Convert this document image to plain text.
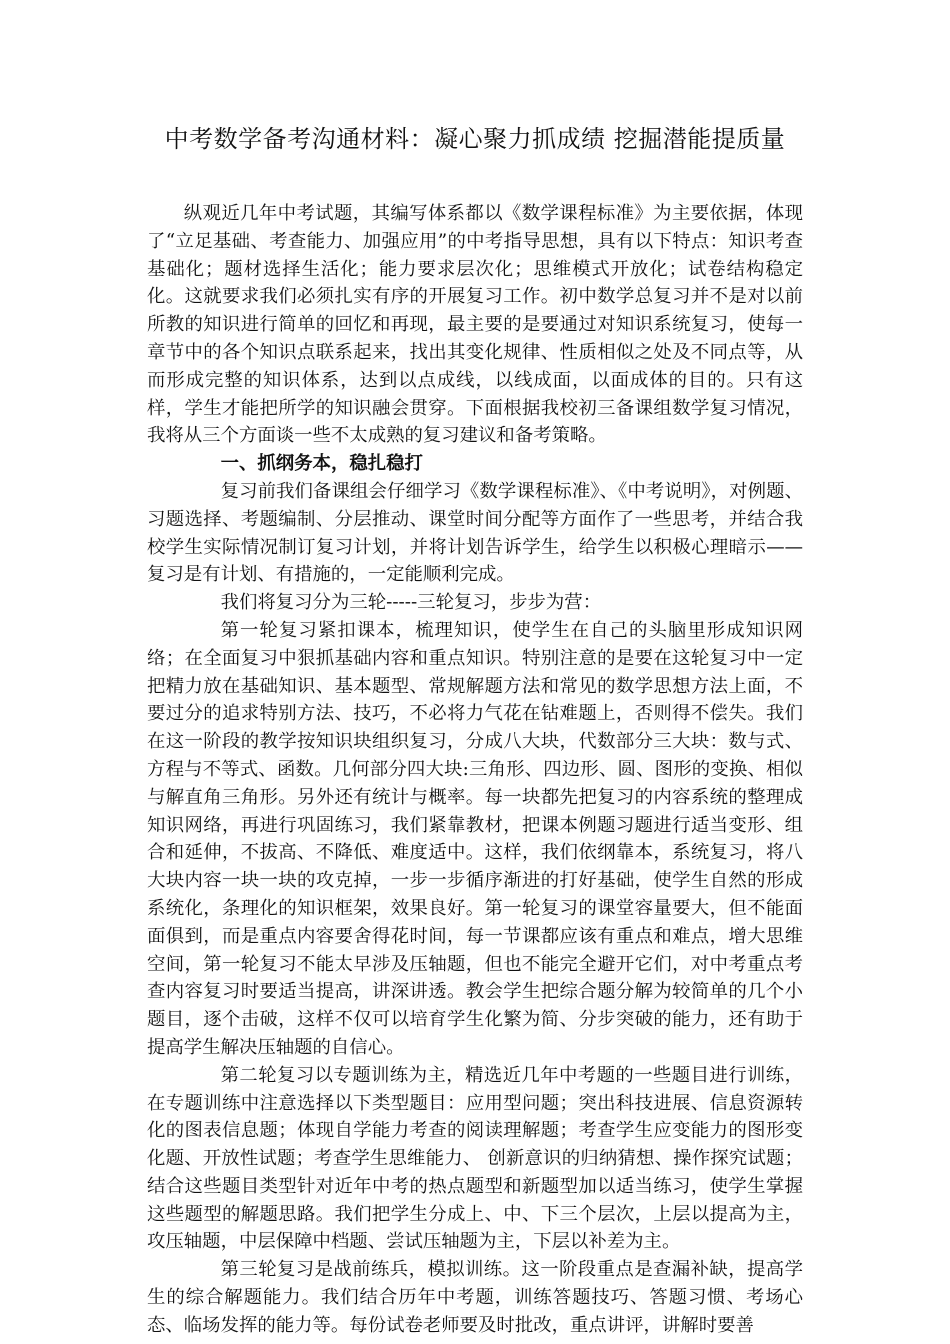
中考数学备考沟通材料：凝心聚力抓成绩 挖掘潜能提质量

纵观近几年中考试题，其编写体系都以《数学课程标准》为主要依据，体现了“立足基础、考查能力、加强应用”的中考指导思想，具有以下特点：知识考查基础化；题材选择生活化；能力要求层次化；思维模式开放化；试卷结构稳定化。这就要求我们必须扎实有序的开展复习工作。初中数学总复习并不是对以前所教的知识进行简单的回忆和再现，最主要的是要通过对知识系统复习，使每一章节中的各个知识点联系起来，找出其变化规律、性质相似之处及不同点等，从而形成完整的知识体系，达到以点成线，以线成面，以面成体的目的。只有这样，学生才能把所学的知识融会贯穿。下面根据我校初三备课组数学复习情况，我将从三个方面谈一些不太成熟的复习建议和备考策略。

一、抓纲务本，稳扎稳打

复习前我们备课组会仔细学习《数学课程标准》、《中考说明》，对例题、习题选择、考题编制、分层推动、课堂时间分配等方面作了一些思考，并结合我校学生实际情况制订复习计划，并将计划告诉学生，给学生以积极心理暗示——复习是有计划、有措施的，一定能顺利完成。

我们将复习分为三轮-----三轮复习，步步为营：

第一轮复习紧扣课本，梳理知识，使学生在自己的头脑里形成知识网络；在全面复习中狠抓基础内容和重点知识。特别注意的是要在这轮复习中一定把精力放在基础知识、基本题型、常规解题方法和常见的数学思想方法上面，不要过分的追求特别方法、技巧，不必将力气花在钻难题上，否则得不偿失。我们在这一阶段的教学按知识块组织复习，分成八大块，代数部分三大块：数与式、方程与不等式、函数。几何部分四大块:三角形、四边形、圆、图形的变换、相似与解直角三角形。另外还有统计与概率。每一块都先把复习的内容系统的整理成知识网络，再进行巩固练习，我们紧靠教材，把课本例题习题进行适当变形、组合和延伸，不拔高、不降低、难度适中。这样，我们依纲靠本，系统复习，将八大块内容一块一块的攻克掉，一步一步循序渐进的打好基础，使学生自然的形成系统化，条理化的知识框架，效果良好。第一轮复习的课堂容量要大，但不能面面俱到，而是重点内容要舍得花时间，每一节课都应该有重点和难点，增大思维空间，第一轮复习不能太早涉及压轴题，但也不能完全避开它们，对中考重点考查内容复习时要适当提高，讲深讲透。教会学生把综合题分解为较简单的几个小题目，逐个击破，这样不仅可以培育学生化繁为简、分步突破的能力，还有助于提高学生解决压轴题的自信心。

第二轮复习以专题训练为主，精选近几年中考题的一些题目进行训练，在专题训练中注意选择以下类型题目：应用型问题；突出科技进展、信息资源转化的图表信息题；体现自学能力考查的阅读理解题；考查学生应变能力的图形变化题、开放性试题；考查学生思维能力、 创新意识的归纳猜想、操作探究试题；结合这些题目类型针对近年中考的热点题型和新题型加以适当练习，使学生掌握这些题型的解题思路。我们把学生分成上、中、下三个层次，上层以提高为主，攻压轴题，中层保障中档题、尝试压轴题为主，下层以补差为主。

第三轮复习是战前练兵，模拟训练。这一阶段重点是查漏补缺，提高学生的综合解题能力。我们结合历年中考题，训练答题技巧、答题习惯、考场心态、临场发挥的能力等。每份试卷老师要及时批改，重点讲评，讲解时要善
